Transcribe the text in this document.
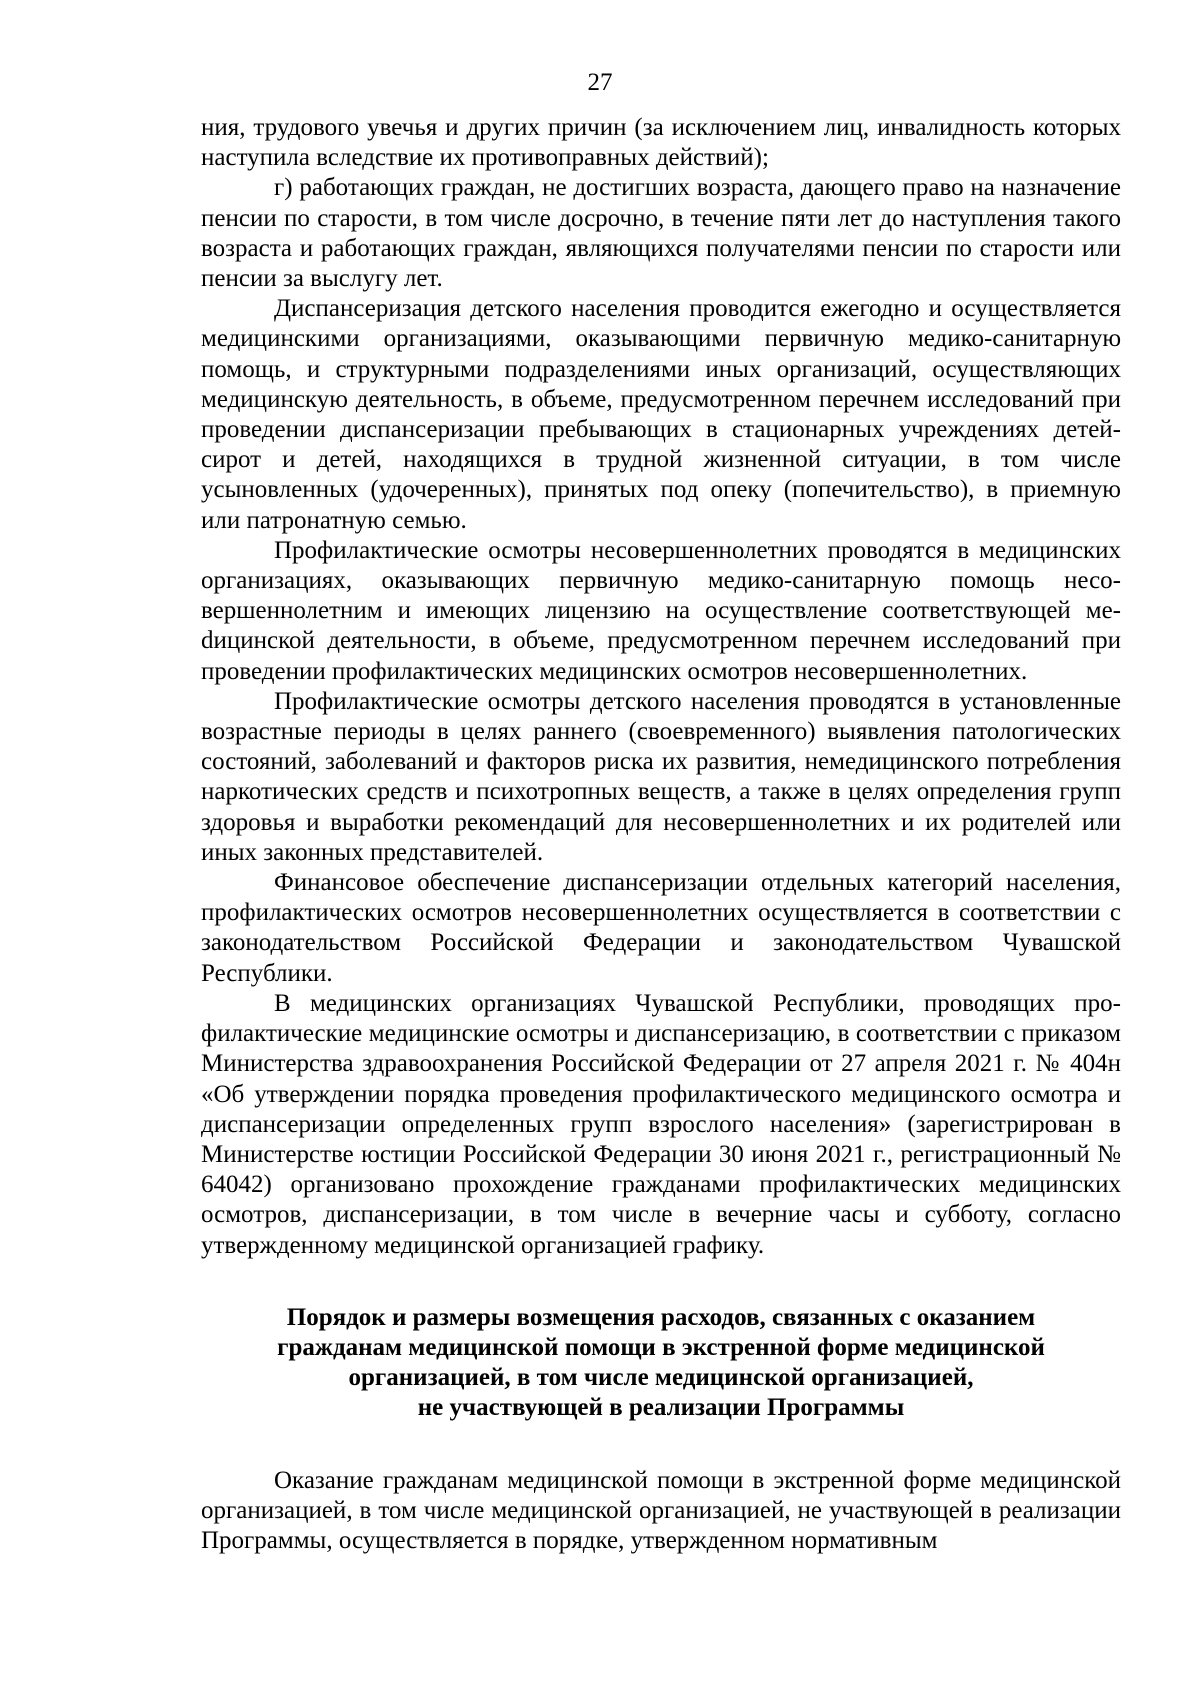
27

ния, трудового увечья и других причин (за исключением лиц, инвалидность которых наступила вследствие их противоправных действий);

г) работающих граждан, не достигших возраста, дающего право на назначение пенсии по старости, в том числе досрочно, в течение пяти лет до наступления такого возраста и работающих граждан, являющихся получателями пенсии по старости или пенсии за выслугу лет.

Диспансеризация детского населения проводится ежегодно и осуществляется медицинскими организациями, оказывающими первичную медико-санитарную помощь, и структурными подразделениями иных организаций, осуществляющих медицинскую деятельность, в объеме, предусмотренном перечнем исследований при проведении диспансеризации пребывающих в стационарных учреждениях детей-сирот и детей, находящихся в трудной жизненной ситуации, в том числе усыновленных (удочеренных), принятых под опеку (попечительство), в приемную или патронатную семью.

Профилактические осмотры несовершеннолетних проводятся в медицинских организациях, оказывающих первичную медико-санитарную помощь несовершеннолетним и имеющих лицензию на осуществление соответствующей меdицинской деятельности, в объеме, предусмотренном перечнем исследований при проведении профилактических медицинских осмотров несовершеннолетних.

Профилактические осмотры детского населения проводятся в установленные возрастные периоды в целях раннего (своевременного) выявления патологических состояний, заболеваний и факторов риска их развития, немедицинского потребления наркотических средств и психотропных веществ, а также в целях определения групп здоровья и выработки рекомендаций для несовершеннолетних и их родителей или иных законных представителей.

Финансовое обеспечение диспансеризации отдельных категорий населения, профилактических осмотров несовершеннолетних осуществляется в соответствии с законодательством Российской Федерации и законодательством Чувашской Республики.

В медицинских организациях Чувашской Республики, проводящих профилактические медицинские осмотры и диспансеризацию, в соответствии с приказом Министерства здравоохранения Российской Федерации от 27 апреля 2021 г. № 404н «Об утверждении порядка проведения профилактического медицинского осмотра и диспансеризации определенных групп взрослого населения» (зарегистрирован в Министерстве юстиции Российской Федерации 30 июня 2021 г., регистрационный № 64042) организовано прохождение гражданами профилактических медицинских осмотров, диспансеризации, в том числе в вечерние часы и субботу, согласно утвержденному медицинской организацией графику.

Порядок и размеры возмещения расходов, связанных с оказанием
гражданам медицинской помощи в экстренной форме медицинской
организацией, в том числе медицинской организацией,
не участвующей в реализации Программы

Оказание гражданам медицинской помощи в экстренной форме медицинской организацией, в том числе медицинской организацией, не участвующей в реализации Программы, осуществляется в порядке, утвержденном нормативным
